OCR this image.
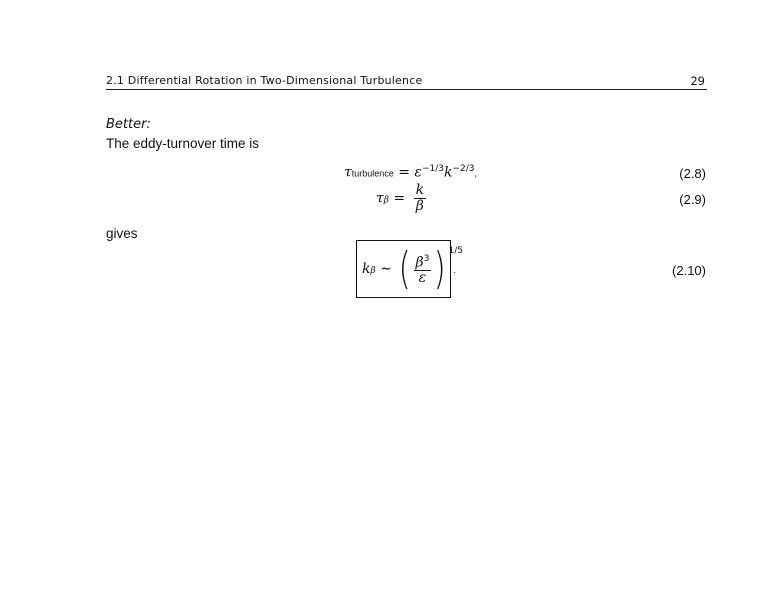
2.1 Differential Rotation in Two-Dimensional Turbulence	29
Better:
The eddy-turnover time is
τturbulence = $\varepsilon^{-1/3}k^{-2/3}$,	(2.8)
$\tau\beta = \frac{k}{\beta}$	(2.9)
gives
kβ ∼ ( $\frac{\beta^3}{\varepsilon}$ ) $^{1/5}$
.	(2.10)
